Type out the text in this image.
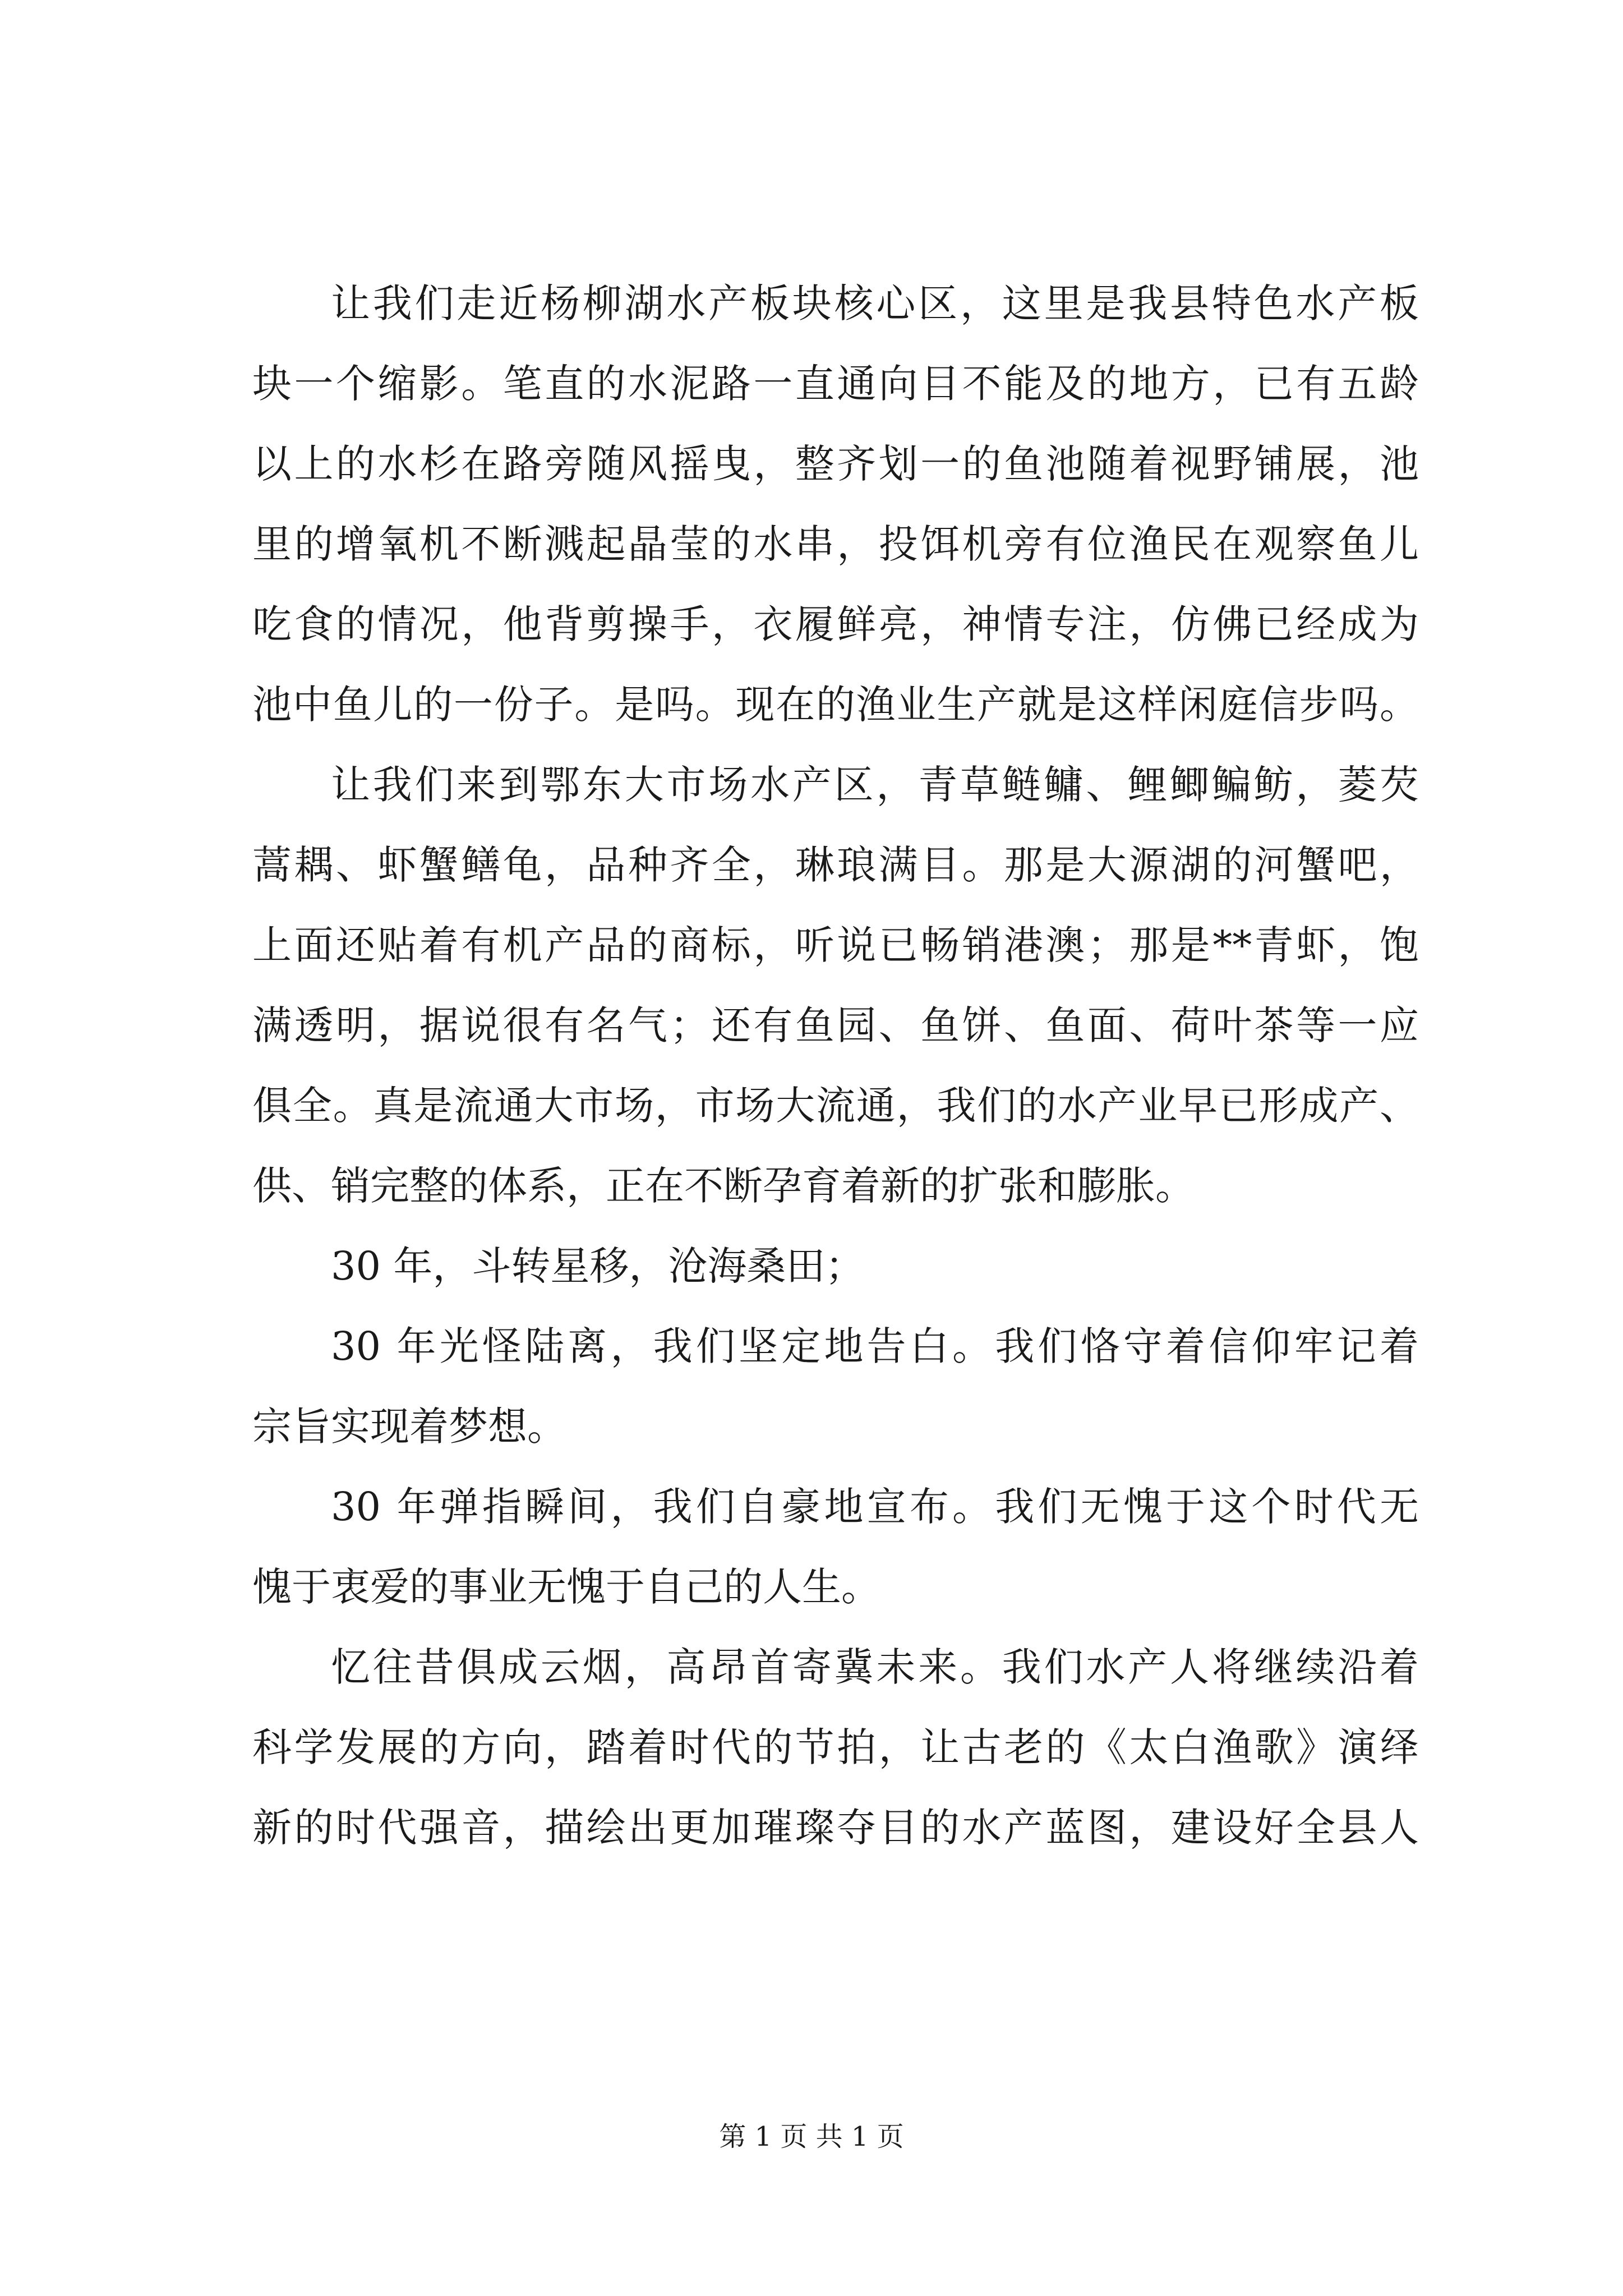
让我们走近杨柳湖水产板块核心区，这里是我县特色水产板
块一个缩影。笔直的水泥路一直通向目不能及的地方，已有五龄
以上的水杉在路旁随风摇曳，整齐划一的鱼池随着视野铺展，池
里的增氧机不断溅起晶莹的水串，投饵机旁有位渔民在观察鱼儿
吃食的情况，他背剪操手，衣履鲜亮，神情专注，仿佛已经成为
池中鱼儿的一份子。是吗。现在的渔业生产就是这样闲庭信步吗。
让我们来到鄂东大市场水产区，青草鲢鳙、鲤鲫鳊鲂，菱芡
蒿耦、虾蟹鳝龟，品种齐全，琳琅满目。那是大源湖的河蟹吧，
上面还贴着有机产品的商标，听说已畅销港澳；那是**青虾，饱
满透明，据说很有名气；还有鱼园、鱼饼、鱼面、荷叶茶等一应
俱全。真是流通大市场，市场大流通，我们的水产业早已形成产、
供、销完整的体系，正在不断孕育着新的扩张和膨胀。
30 年，斗转星移，沧海桑田；
30 年光怪陆离，我们坚定地告白。我们恪守着信仰牢记着
宗旨实现着梦想。
30 年弹指瞬间，我们自豪地宣布。我们无愧于这个时代无
愧于衷爱的事业无愧于自己的人生。
忆往昔俱成云烟，高昂首寄冀未来。我们水产人将继续沿着
科学发展的方向，踏着时代的节拍，让古老的《太白渔歌》演绎
新的时代强音，描绘出更加璀璨夺目的水产蓝图，建设好全县人
第 1 页 共 1 页
